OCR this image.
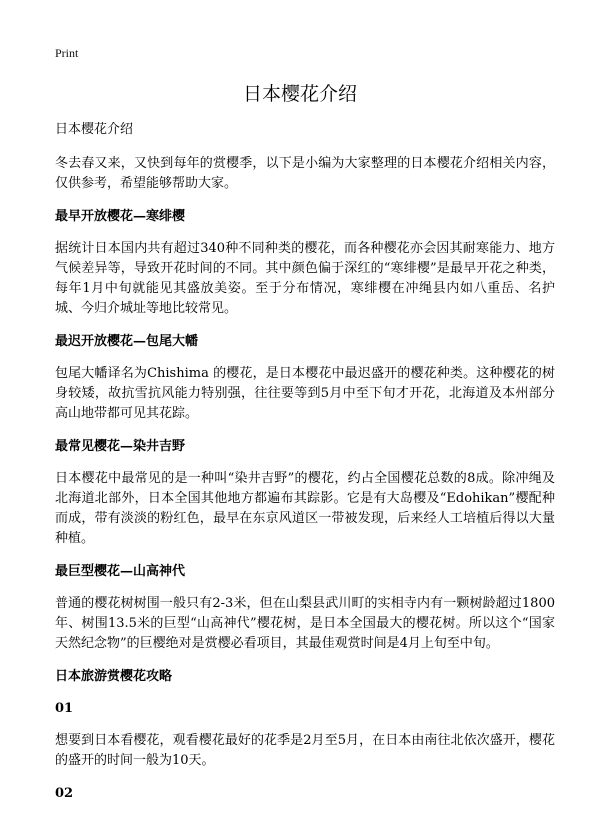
Print
日本樱花介绍
日本樱花介绍

冬去春又来，又快到每年的赏樱季，以下是小编为大家整理的日本樱花介绍相关内容，仅供参考，希望能够帮助大家。

最早开放樱花—寒绯樱

据统计日本国内共有超过340种不同种类的樱花，而各种樱花亦会因其耐寒能力、地方气候差异等，导致开花时间的不同。其中颜色偏于深红的“寒绯樱”是最早开花之种类，每年1月中旬就能见其盛放美姿。至于分布情况，寒绯樱在冲绳县内如八重岳、名护城、今归介城址等地比较常见。

最迟开放樱花—包尾大幡

包尾大幡译名为Chishima 的樱花，是日本樱花中最迟盛开的樱花种类。这种樱花的树身较矮，故抗雪抗风能力特别强，往往要等到5月中至下旬才开花，北海道及本州部分高山地带都可见其花踪。

最常见樱花—染井吉野

日本樱花中最常见的是一种叫“染井吉野”的樱花，约占全国樱花总数的8成。除冲绳及北海道北部外，日本全国其他地方都遍布其踪影。它是有大岛樱及“Edohikan”樱配种而成，带有淡淡的粉红色，最早在东京风道区一带被发现，后来经人工培植后得以大量种植。

最巨型樱花—山高神代

普通的樱花树树围一般只有2-3米，但在山梨县武川町的实相寺内有一颗树龄超过1800年、树围13.5米的巨型“山高神代”樱花树，是日本全国最大的樱花树。所以这个“国家天然纪念物”的巨樱绝对是赏樱必看项目，其最佳观赏时间是4月上旬至中旬。

日本旅游赏樱花攻略
01

想要到日本看樱花，观看樱花最好的花季是2月至5月，在日本由南往北依次盛开，樱花的盛开的时间一般为10天。

02
